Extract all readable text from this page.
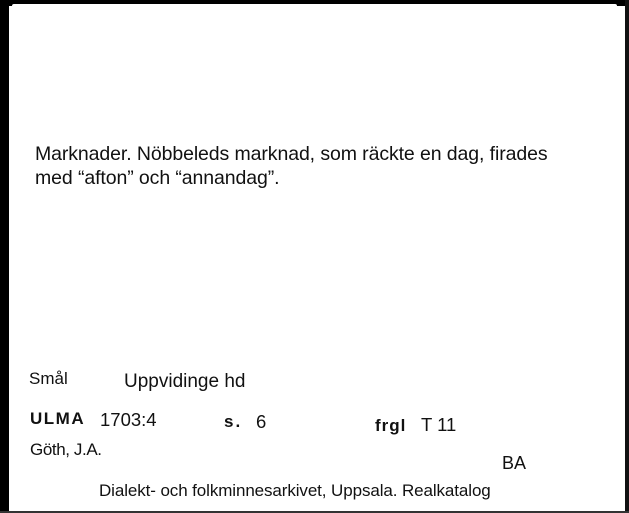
Marknader. Nöbbeleds marknad, som räckte en dag, firades
med “afton” och “annandag”.

Smål	Uppvidinge hd

ULMA 1703:4	s. 6	frgl T 11

Göth, J.A.

BA

Dialekt- och folkminnesarkivet, Uppsala. Realkatalog
